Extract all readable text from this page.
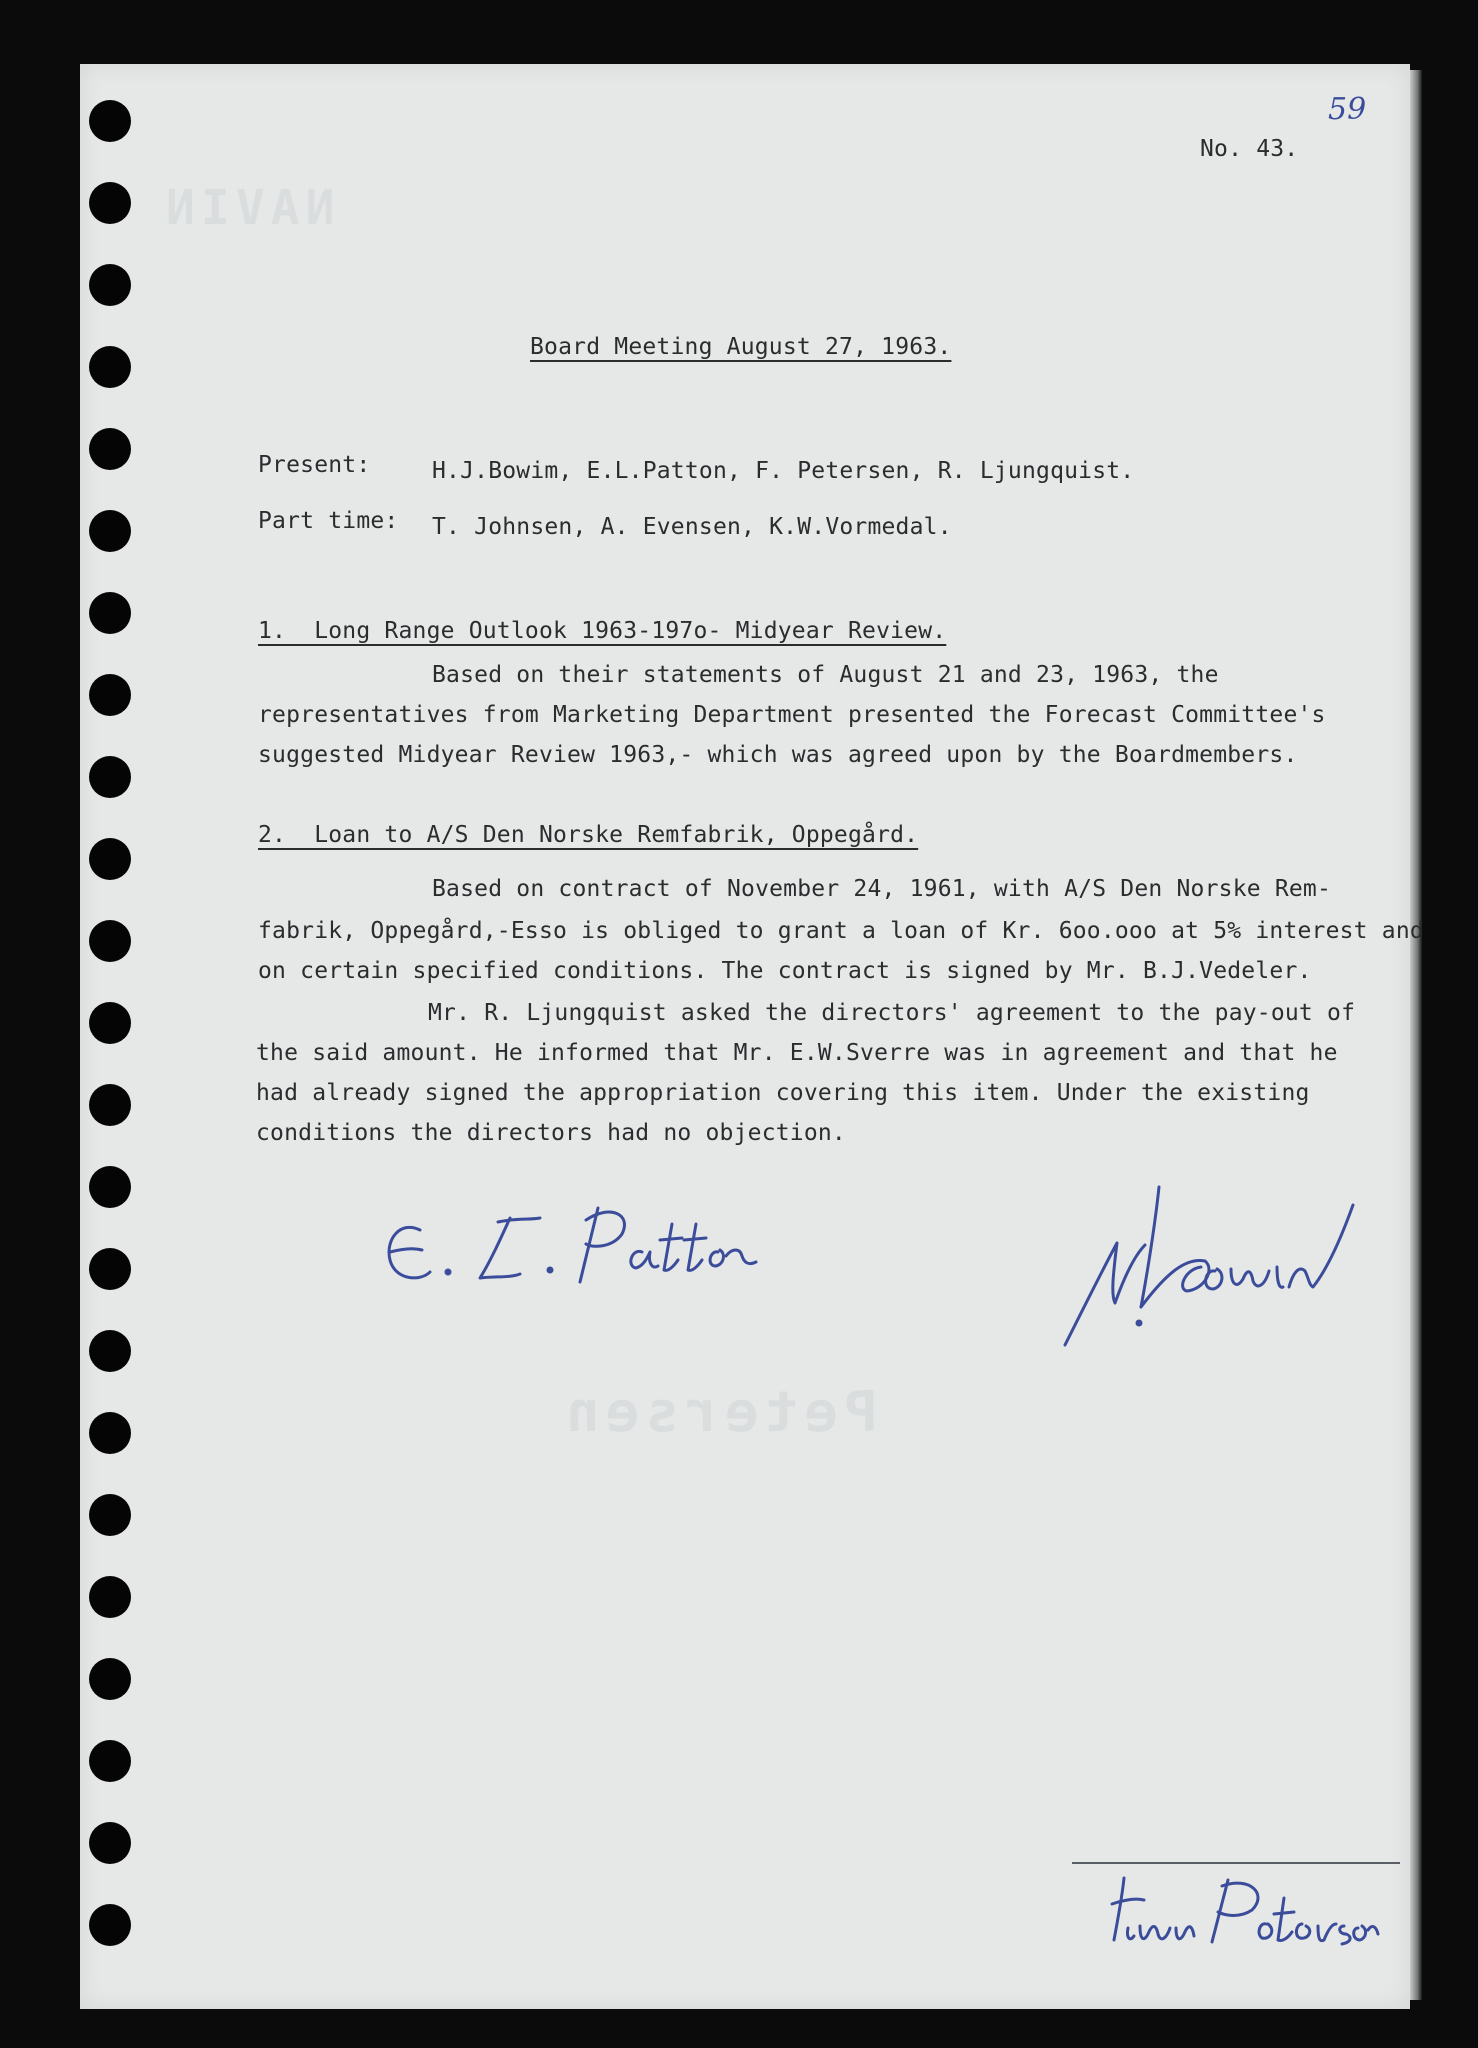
NAVIN
Petersen
59
No. 43.
Board Meeting August 27, 1963.
Present:	H.J.Bowim, E.L.Patton, F. Petersen, R. Ljungquist.
Part time: T. Johnsen, A. Evensen, K.W.Vormedal.
1.  Long Range Outlook 1963-197o- Midyear Review.
Based on their statements of August 21 and 23, 1963, the
representatives from Marketing Department presented the Forecast Committee's
suggested Midyear Review 1963,- which was agreed upon by the Boardmembers.
2.  Loan to A/S Den Norske Remfabrik, Oppegård.
Based on contract of November 24, 1961, with A/S Den Norske Rem-
fabrik, Oppegård,-Esso is obliged to grant a loan of Kr. 6oo.ooo at 5% interest and
on certain specified conditions. The contract is signed by Mr. B.J.Vedeler.
Mr. R. Ljungquist asked the directors' agreement to the pay-out of
the said amount. He informed that Mr. E.W.Sverre was in agreement and that he
had already signed the appropriation covering this item. Under the existing
conditions the directors had no objection.
